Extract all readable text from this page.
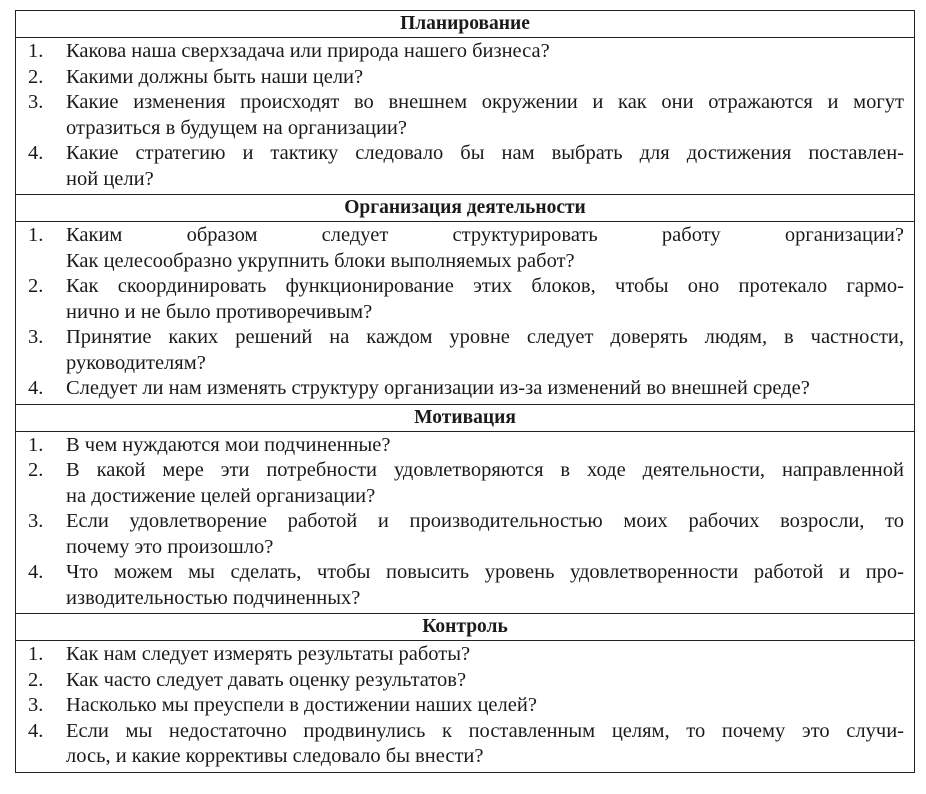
Планирование
1.	Какова наша сверхзадача или природа нашего бизнеса?
2.	Какими должны быть наши цели?
3.	Какие изменения происходят во внешнем окружении и как они отражаются и могут
отразиться в будущем на организации?
4.	Какие стратегию и тактику следовало бы нам выбрать для достижения поставлен-
ной цели?
Организация деятельности
1.	Каким образом следует структурировать работу организации?
Как целесообразно укрупнить блоки выполняемых работ?
2.	Как скоординировать функционирование этих блоков, чтобы оно протекало гармо-
нично и не было противоречивым?
3.	Принятие каких решений на каждом уровне следует доверять людям, в частности,
руководителям?
4.	Следует ли нам изменять структуру организации из-за изменений во внешней среде?
Мотивация
1.	В чем нуждаются мои подчиненные?
2.	В какой мере эти потребности удовлетворяются в ходе деятельности, направленной
на достижение целей организации?
3.	Если удовлетворение работой и производительностью моих рабочих возросли, то
почему это произошло?
4.	Что можем мы сделать, чтобы повысить уровень удовлетворенности работой и про-
изводительностью подчиненных?
Контроль
1.	Как нам следует измерять результаты работы?
2.	Как часто следует давать оценку результатов?
3.	Насколько мы преуспели в достижении наших целей?
4.	Если мы недостаточно продвинулись к поставленным целям, то почему это случи-
лось, и какие коррективы следовало бы внести?
